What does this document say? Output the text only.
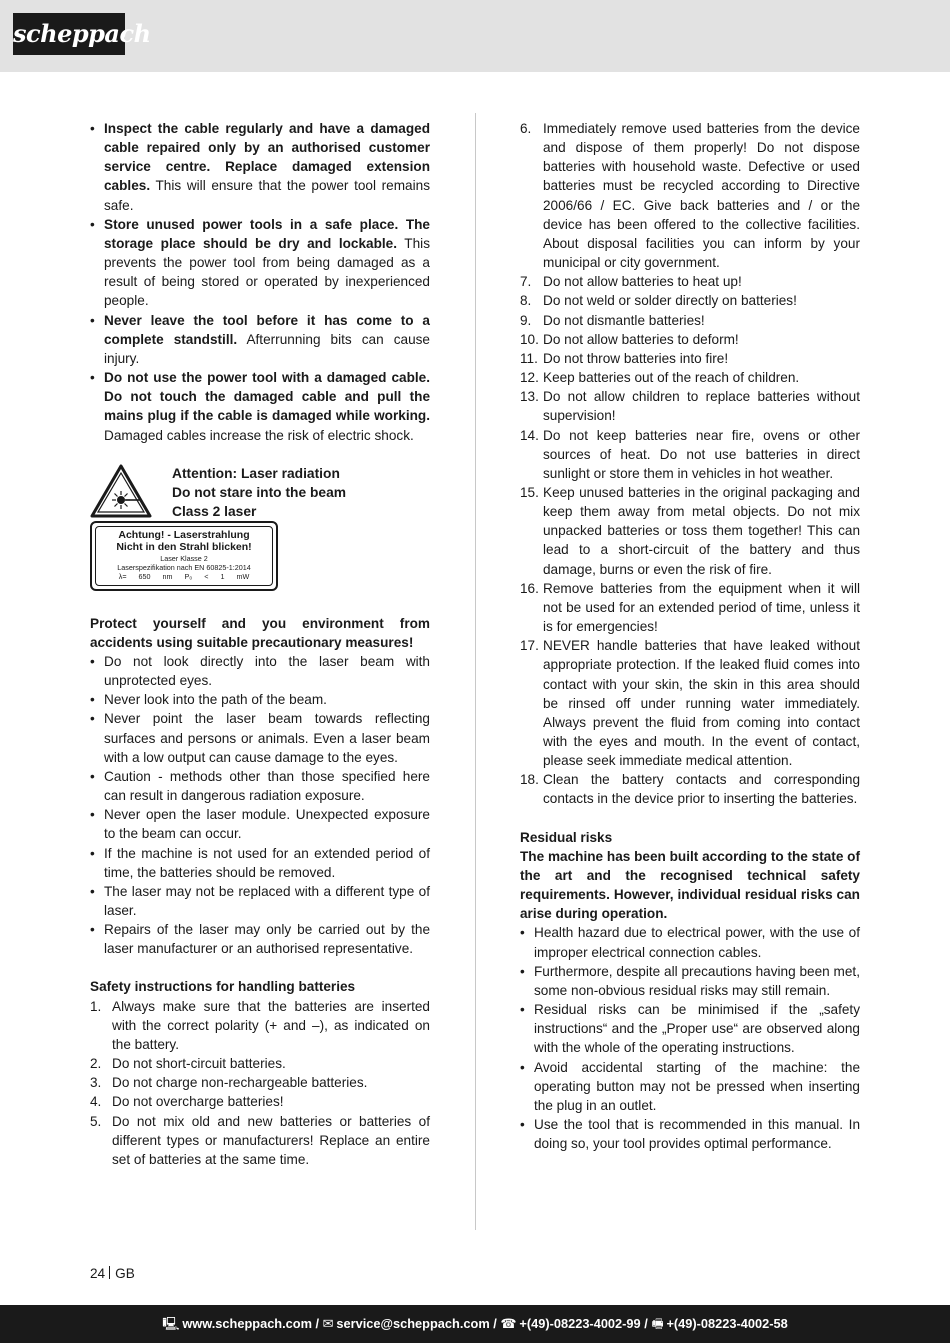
scheppach
• Inspect the cable regularly and have a damaged cable repaired only by an authorised customer service centre. Replace damaged extension cables. This will ensure that the power tool remains safe.
• Store unused power tools in a safe place. The storage place should be dry and lockable. This prevents the power tool from being damaged as a result of being stored or operated by inexperienced people.
• Never leave the tool before it has come to a complete standstill. Afterrunning bits can cause injury.
• Do not use the power tool with a damaged cable. Do not touch the damaged cable and pull the mains plug if the cable is damaged while working. Damaged cables increase the risk of electric shock.
Attention: Laser radiation
Do not stare into the beam
Class 2 laser
Achtung! - Laserstrahlung
Nicht in den Strahl blicken!
Laser Klasse 2
Laserspezifikation nach EN 60825-1:2014
λ= 650 nm P₀ < 1 mW
Protect yourself and you environment from accidents using suitable precautionary measures!
• Do not look directly into the laser beam with unprotected eyes.
• Never look into the path of the beam.
• Never point the laser beam towards reflecting surfaces and persons or animals. Even a laser beam with a low output can cause damage to the eyes.
• Caution - methods other than those specified here can result in dangerous radiation exposure.
• Never open the laser module. Unexpected exposure to the beam can occur.
• If the machine is not used for an extended period of time, the batteries should be removed.
• The laser may not be replaced with a different type of laser.
• Repairs of the laser may only be carried out by the laser manufacturer or an authorised representative.
Safety instructions for handling batteries
1. Always make sure that the batteries are inserted with the correct polarity (+ and –), as indicated on the battery.
2. Do not short-circuit batteries.
3. Do not charge non-rechargeable batteries.
4. Do not overcharge batteries!
5. Do not mix old and new batteries or batteries of different types or manufacturers! Replace an entire set of batteries at the same time.
6. Immediately remove used batteries from the device and dispose of them properly! Do not dispose batteries with household waste. Defective or used batteries must be recycled according to Directive 2006/66 / EC. Give back batteries and / or the device has been offered to the collective facilities. About disposal facilities you can inform by your municipal or city government.
7. Do not allow batteries to heat up!
8. Do not weld or solder directly on batteries!
9. Do not dismantle batteries!
10. Do not allow batteries to deform!
11. Do not throw batteries into fire!
12. Keep batteries out of the reach of children.
13. Do not allow children to replace batteries without supervision!
14. Do not keep batteries near fire, ovens or other sources of heat. Do not use batteries in direct sunlight or store them in vehicles in hot weather.
15. Keep unused batteries in the original packaging and keep them away from metal objects. Do not mix unpacked batteries or toss them together! This can lead to a short-circuit of the battery and thus damage, burns or even the risk of fire.
16. Remove batteries from the equipment when it will not be used for an extended period of time, unless it is for emergencies!
17. NEVER handle batteries that have leaked without appropriate protection. If the leaked fluid comes into contact with your skin, the skin in this area should be rinsed off under running water immediately. Always prevent the fluid from coming into contact with the eyes and mouth. In the event of contact, please seek immediate medical attention.
18. Clean the battery contacts and corresponding contacts in the device prior to inserting the batteries.
Residual risks
The machine has been built according to the state of the art and the recognised technical safety requirements. However, individual residual risks can arise during operation.
• Health hazard due to electrical power, with the use of improper electrical connection cables.
• Furthermore, despite all precautions having been met, some non-obvious residual risks may still remain.
• Residual risks can be minimised if the „safety instructions“ and the „Proper use“ are observed along with the whole of the operating instructions.
• Avoid accidental starting of the machine: the operating button may not be pressed when inserting the plug in an outlet.
• Use the tool that is recommended in this manual. In doing so, your tool provides optimal performance.
24 GB
🖳︎ www.scheppach.com / ✉︎ service@scheppach.com / ☎︎ +(49)-08223-4002-99 / 🖷︎ +(49)-08223-4002-58
